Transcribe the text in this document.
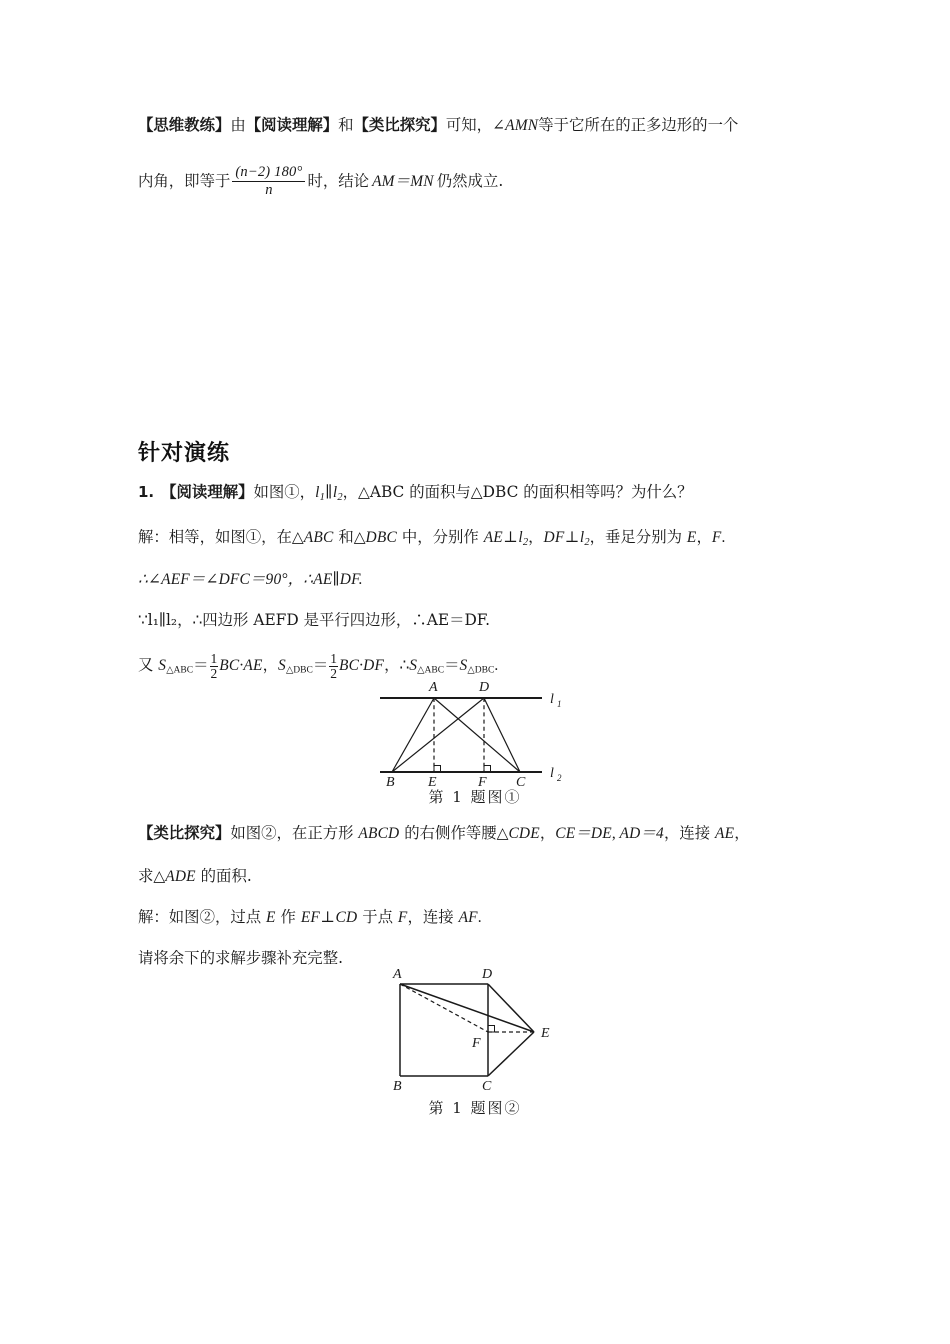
【思维教练】由【阅读理解】和【类比探究】可知，∠AMN等于它所在的正多边形的一个
内角，即等于 $\frac{(n-2) 180^\circ}{n}$ 时，结论 AM＝MN 仍然成立.
针对演练
1. 【阅读理解】如图①，$l_1\parallel l_2$，△ABC 的面积与△DBC 的面积相等吗？为什么？
解：相等，如图①，在△ABC 和△DBC 中，分别作 $AE\perp l_2$，$DF\perp l_2$，垂足分别为 E，F.
∴∠AEF＝∠DFC＝90°，∴AE∥DF.
∵l₁∥l₂，∴四边形 AEFD 是平行四边形，∴AE＝DF.
又 S△ABC＝ $\frac{1}{2} BC\cdot AE$，S△DBC＝ $\frac{1}{2} BC\cdot DF$，∴S△ABC＝S△DBC.
A	D
B E	F C
l 1
l 2
第 1 题图①
【类比探究】如图②，在正方形 ABCD 的右侧作等腰△CDE，CE＝DE, AD＝4，连接 AE，
求△ADE 的面积.
解：如图②，过点 E 作 EF⊥CD 于点 F，连接 AF.
请将余下的求解步骤补充完整.
A	D
B	C
E
F
第 1 题图②
